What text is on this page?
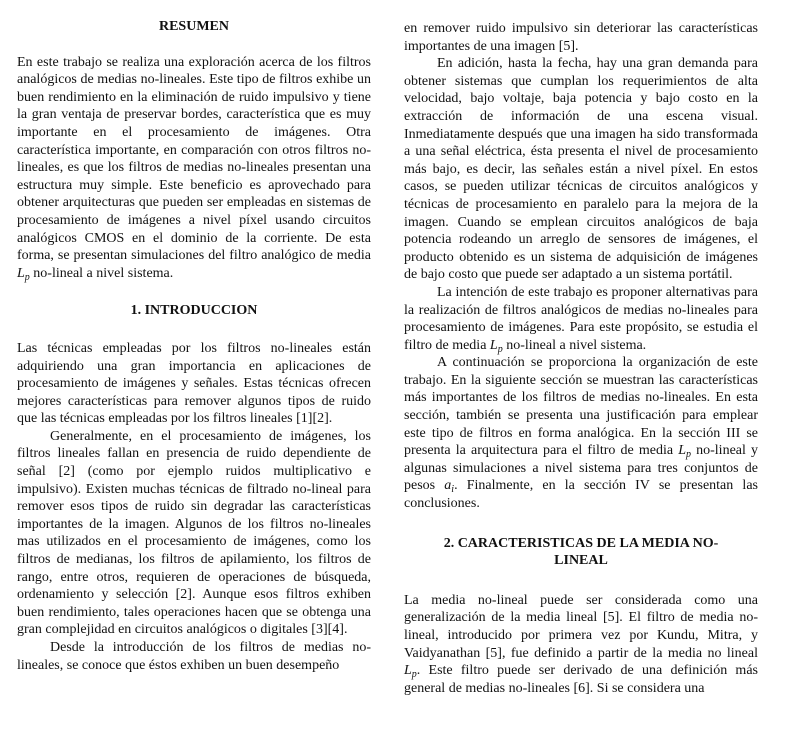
RESUMEN

En este trabajo se realiza una exploración acerca de los filtros analógicos de medias no-lineales. Este tipo de filtros exhibe un buen rendimiento en la eliminación de ruido impulsivo y tiene la gran ventaja de preservar bordes, característica que es muy importante en el procesamiento de imágenes. Otra característica importante, en comparación con otros filtros no-lineales, es que los filtros de medias no-lineales presentan una estructura muy simple. Este beneficio es aprovechado para obtener arquitecturas que pueden ser empleadas en sistemas de procesamiento de imágenes a nivel píxel usando circuitos analógicos CMOS en el dominio de la corriente. De esta forma, se presentan simulaciones del filtro analógico de media $L_p$ no-lineal a nivel sistema.

1. INTRODUCCION

Las técnicas empleadas por los filtros no-lineales están adquiriendo una gran importancia en aplicaciones de procesamiento de imágenes y señales. Estas técnicas ofrecen mejores características para remover algunos tipos de ruido que las técnicas empleadas por los filtros lineales [1][2].

Generalmente, en el procesamiento de imágenes, los filtros lineales fallan en presencia de ruido dependiente de señal [2] (como por ejemplo ruidos multiplicativo e impulsivo). Existen muchas técnicas de filtrado no-lineal para remover esos tipos de ruido sin degradar las características importantes de la imagen. Algunos de los filtros no-lineales mas utilizados en el procesamiento de imágenes, como los filtros de medianas, los filtros de apilamiento, los filtros de rango, entre otros, requieren de operaciones de búsqueda, ordenamiento y selección [2]. Aunque esos filtros exhiben buen rendimiento, tales operaciones hacen que se obtenga una gran complejidad en circuitos analógicos o digitales [3][4].

Desde la introducción de los filtros de medias no-lineales, se conoce que éstos exhiben un buen desempeño

en remover ruido impulsivo sin deteriorar las características importantes de una imagen [5].

En adición, hasta la fecha, hay una gran demanda para obtener sistemas que cumplan los requerimientos de alta velocidad, bajo voltaje, baja potencia y bajo costo en la extracción de información de una escena visual. Inmediatamente después que una imagen ha sido transformada a una señal eléctrica, ésta presenta el nivel de procesamiento más bajo, es decir, las señales están a nivel píxel. En estos casos, se pueden utilizar técnicas de circuitos analógicos y técnicas de procesamiento en paralelo para la mejora de la imagen. Cuando se emplean circuitos analógicos de baja potencia rodeando un arreglo de sensores de imágenes, el producto obtenido es un sistema de adquisición de imágenes de bajo costo que puede ser adaptado a un sistema portátil.

La intención de este trabajo es proponer alternativas para la realización de filtros analógicos de medias no-lineales para procesamiento de imágenes. Para este propósito, se estudia el filtro de media $L_p$ no-lineal a nivel sistema.

A continuación se proporciona la organización de este trabajo. En la siguiente sección se muestran las características más importantes de los filtros de medias no-lineales. En esta sección, también se presenta una justificación para emplear este tipo de filtros en forma analógica. En la sección III se presenta la arquitectura para el filtro de media $L_p$ no-lineal y algunas simulaciones a nivel sistema para tres conjuntos de pesos $a_i$. Finalmente, en la sección IV se presentan las conclusiones.

2. CARACTERISTICAS DE LA MEDIA NO-
LINEAL

La media no-lineal puede ser considerada como una generalización de la media lineal [5]. El filtro de media no-lineal, introducido por primera vez por Kundu, Mitra, y Vaidyanathan [5], fue definido a partir de la media no lineal $L_p$. Este filtro puede ser derivado de una definición más general de medias no-lineales [6]. Si se considera una
